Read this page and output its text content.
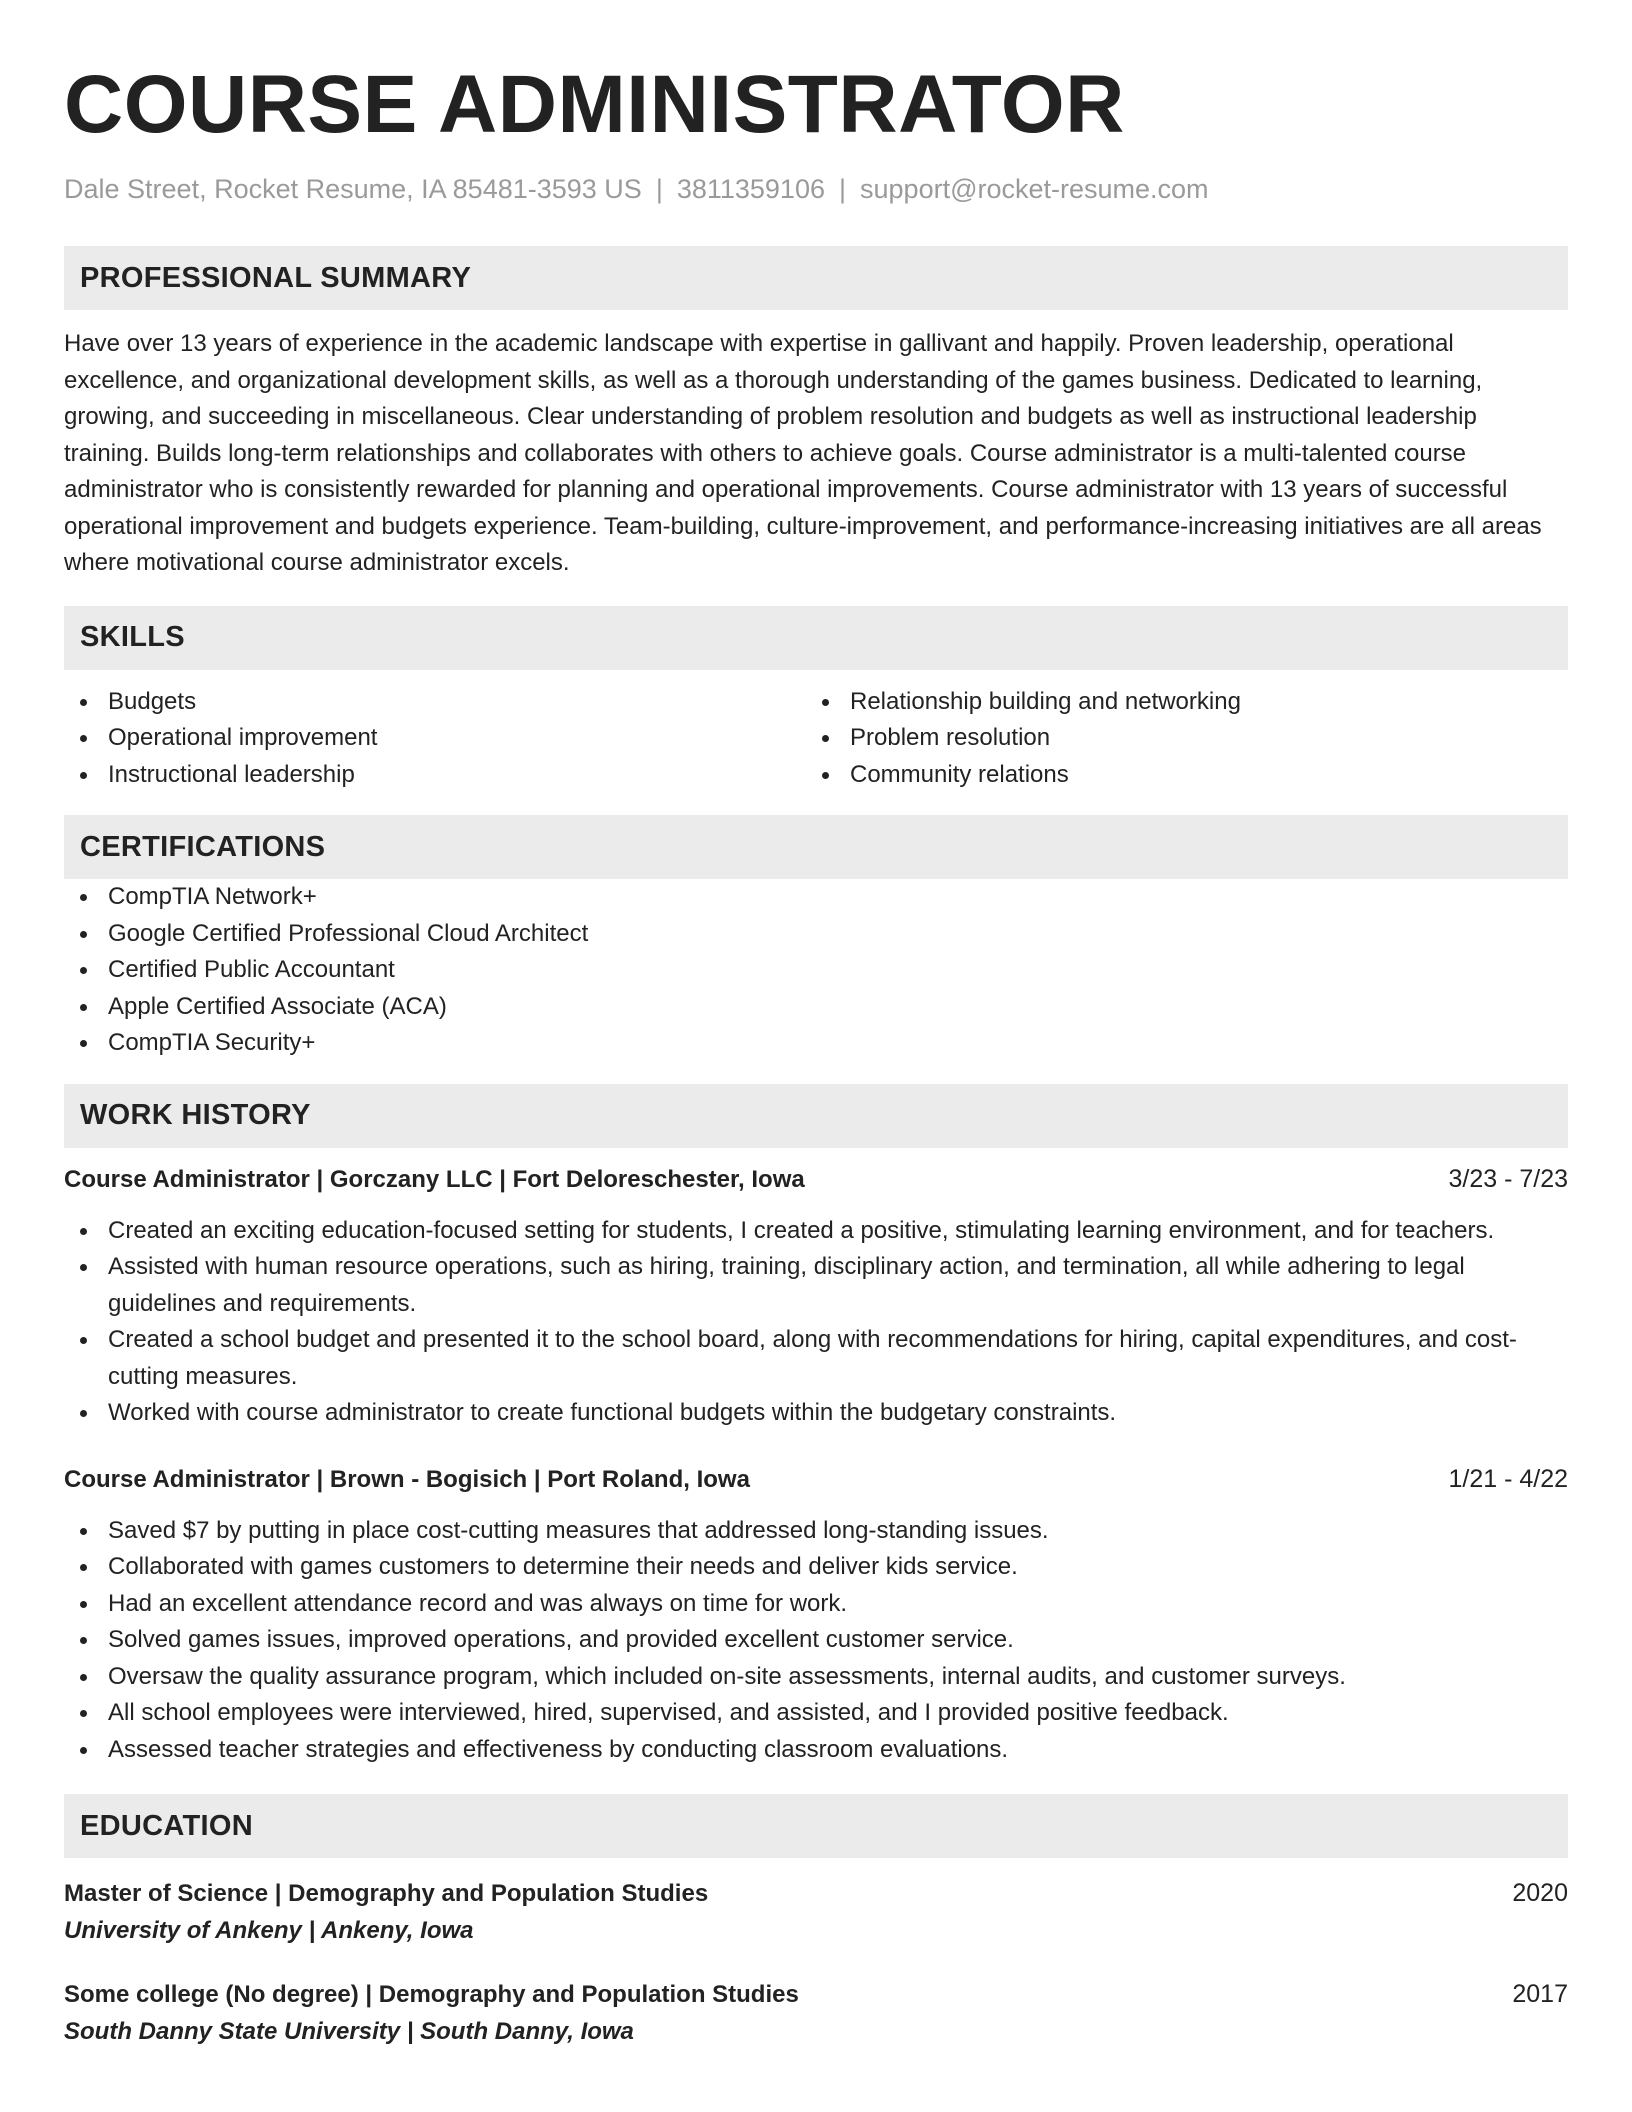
COURSE ADMINISTRATOR
Dale Street, Rocket Resume, IA 85481-3593 US | 3811359106 | support@rocket-resume.com
PROFESSIONAL SUMMARY

Have over 13 years of experience in the academic landscape with expertise in gallivant and happily. Proven leadership, operational excellence, and organizational development skills, as well as a thorough understanding of the games business. Dedicated to learning, growing, and succeeding in miscellaneous. Clear understanding of problem resolution and budgets as well as instructional leadership training. Builds long-term relationships and collaborates with others to achieve goals. Course administrator is a multi-talented course administrator who is consistently rewarded for planning and operational improvements. Course administrator with 13 years of successful operational improvement and budgets experience. Team-building, culture-improvement, and performance-increasing initiatives are all areas where motivational course administrator excels.

SKILLS
Budgets
Operational improvement
Instructional leadership
Relationship building and networking
Problem resolution
Community relations
CERTIFICATIONS
CompTIA Network+
Google Certified Professional Cloud Architect
Certified Public Accountant
Apple Certified Associate (ACA)
CompTIA Security+
WORK HISTORY
Course Administrator | Gorczany LLC | Fort Deloreschester, Iowa	3/23 - 7/23
Created an exciting education-focused setting for students, I created a positive, stimulating learning environment, and for teachers.
Assisted with human resource operations, such as hiring, training, disciplinary action, and termination, all while adhering to legal guidelines and requirements.
Created a school budget and presented it to the school board, along with recommendations for hiring, capital expenditures, and cost-cutting measures.
Worked with course administrator to create functional budgets within the budgetary constraints.
Course Administrator | Brown - Bogisich | Port Roland, Iowa	1/21 - 4/22
Saved $7 by putting in place cost-cutting measures that addressed long-standing issues.
Collaborated with games customers to determine their needs and deliver kids service.
Had an excellent attendance record and was always on time for work.
Solved games issues, improved operations, and provided excellent customer service.
Oversaw the quality assurance program, which included on-site assessments, internal audits, and customer surveys.
All school employees were interviewed, hired, supervised, and assisted, and I provided positive feedback.
Assessed teacher strategies and effectiveness by conducting classroom evaluations.
EDUCATION
Master of Science | Demography and Population Studies	2020
University of Ankeny | Ankeny, Iowa
Some college (No degree) | Demography and Population Studies	2017
South Danny State University | South Danny, Iowa
